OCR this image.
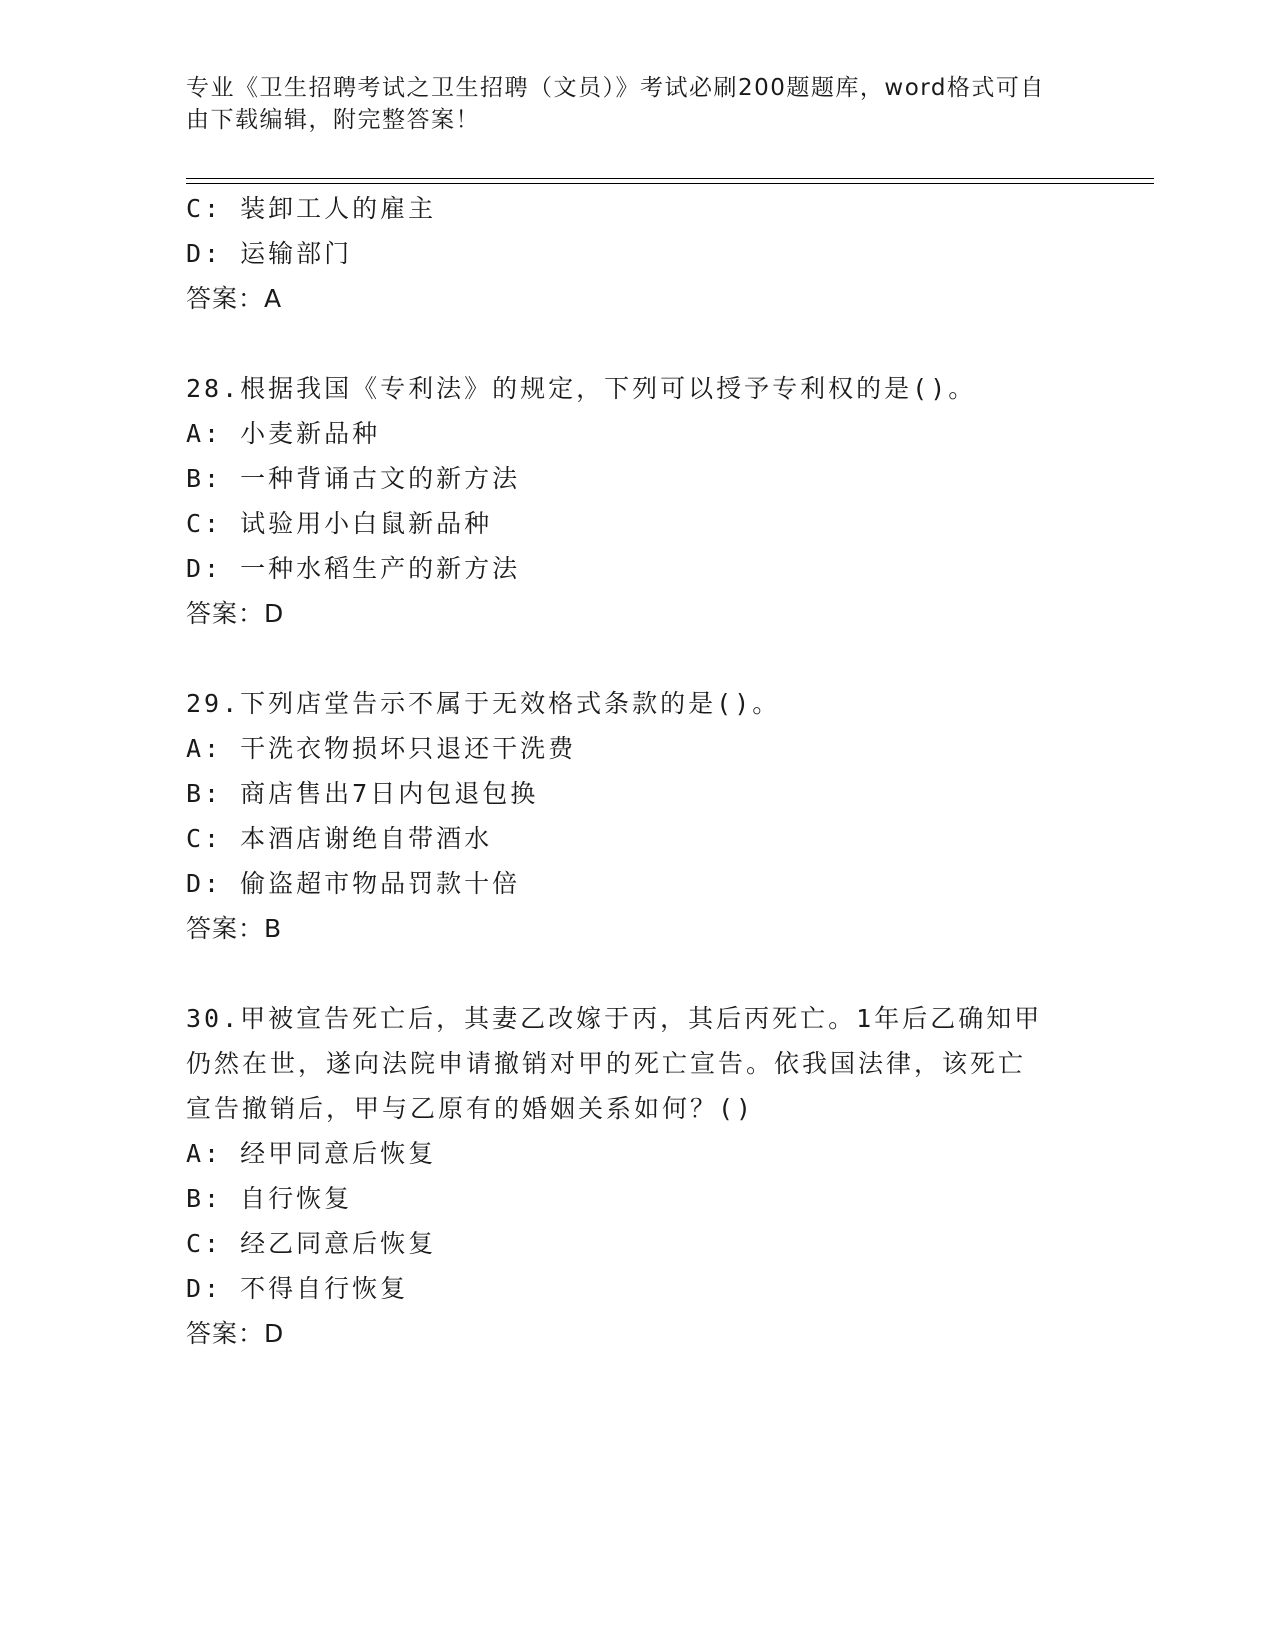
专业《卫生招聘考试之卫生招聘（文员）》考试必刷200题题库，word格式可自
由下载编辑，附完整答案！
C: 装卸工人的雇主
D: 运输部门
答案：A
28.根据我国《专利法》的规定，下列可以授予专利权的是()。
A: 小麦新品种
B: 一种背诵古文的新方法
C: 试验用小白鼠新品种
D: 一种水稻生产的新方法
答案：D
29.下列店堂告示不属于无效格式条款的是()。
A: 干洗衣物损坏只退还干洗费
B: 商店售出7日内包退包换
C: 本酒店谢绝自带酒水
D: 偷盗超市物品罚款十倍
答案：B
30.甲被宣告死亡后，其妻乙改嫁于丙，其后丙死亡。1年后乙确知甲
仍然在世，遂向法院申请撤销对甲的死亡宣告。依我国法律，该死亡
宣告撤销后，甲与乙原有的婚姻关系如何？()
A: 经甲同意后恢复
B: 自行恢复
C: 经乙同意后恢复
D: 不得自行恢复
答案：D
